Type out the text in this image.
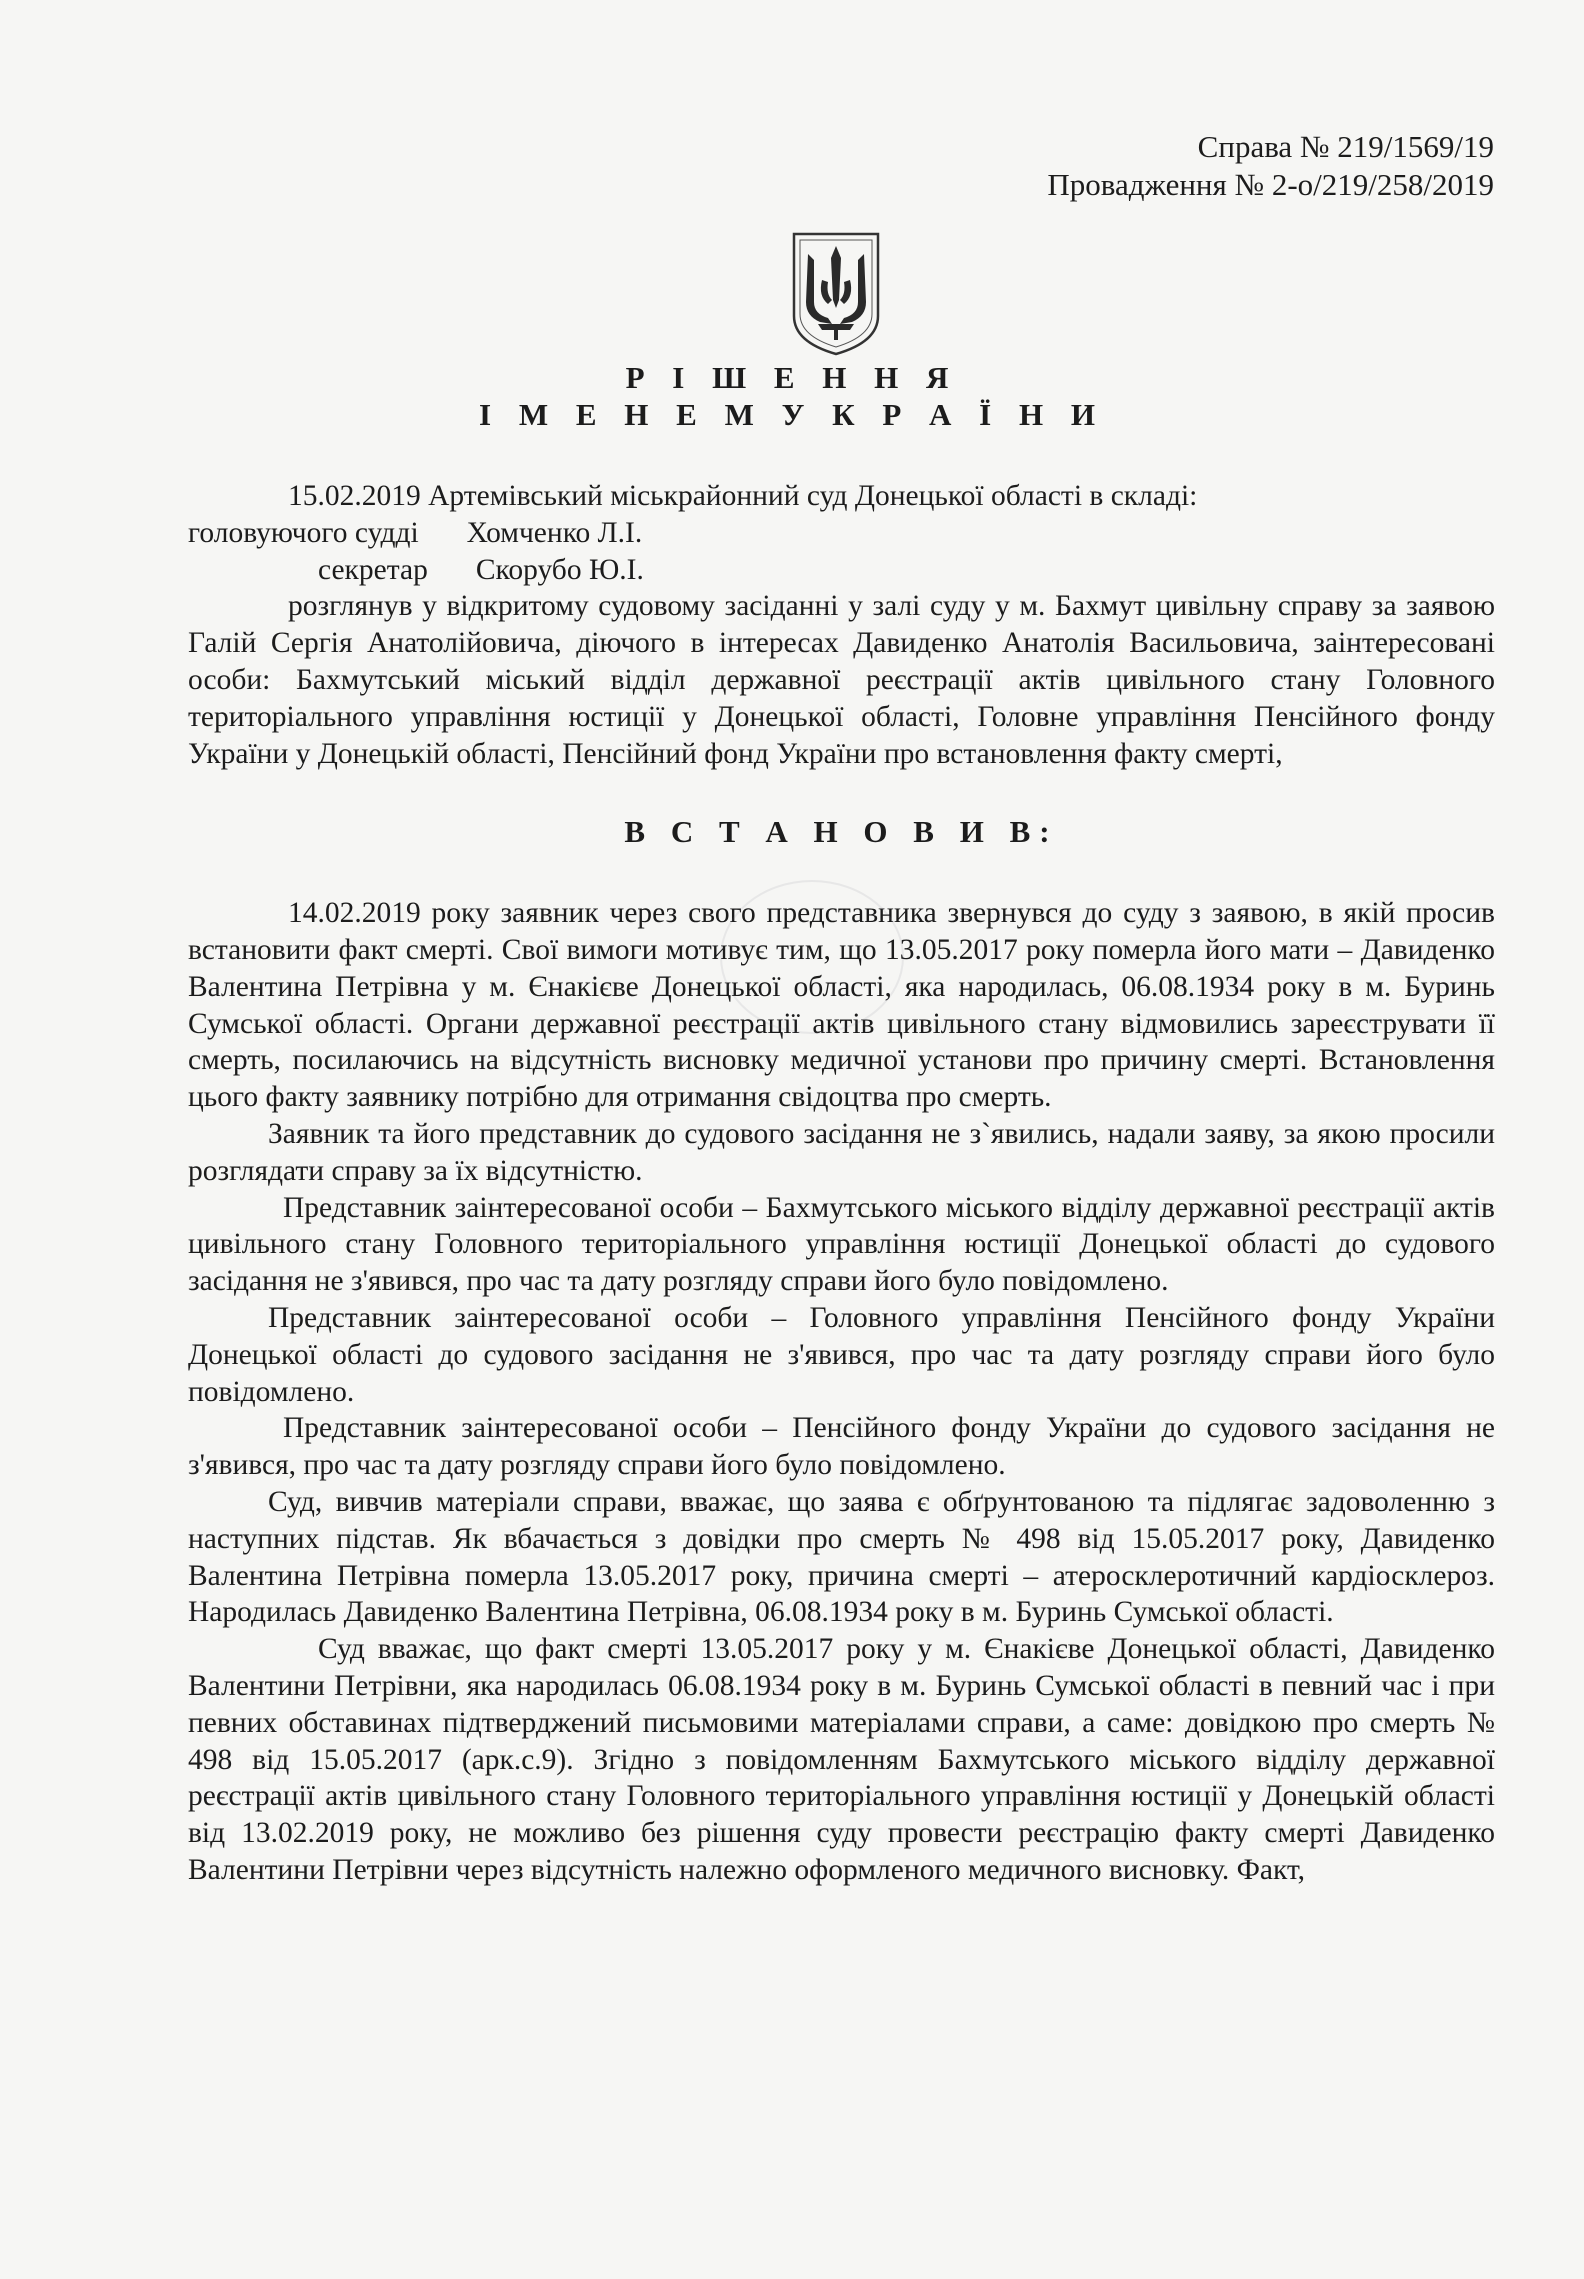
Справа № 219/1569/19
Провадження № 2-о/219/258/2019
Р І Ш Е Н Н Я
І М Е Н Е М У К Р А Ї Н И

15.02.2019 Артемівський міськрайонний суд Донецької області в складі:

головуючого судді Хомченко Л.І.

секретар Скорубо Ю.І.

розглянув у відкритому судовому засіданні у залі суду у м. Бахмут цивільну справу за заявою Галій Сергія Анатолійовича, діючого в інтересах Давиденко Анатолія Васильовича, заінтересовані особи: Бахмутський міський відділ державної реєстрації актів цивільного стану Головного територіального управління юстиції у Донецької області, Головне управління Пенсійного фонду України у Донецькій області, Пенсійний фонд України про встановлення факту смерті,

В С Т А Н О В И В:

14.02.2019 року заявник через свого представника звернувся до суду з заявою, в якій просив встановити факт смерті. Свої вимоги мотивує тим, що 13.05.2017 року померла його мати – Давиденко Валентина Петрівна у м. Єнакієве Донецької області, яка народилась, 06.08.1934 року в м. Буринь Сумської області. Органи державної реєстрації актів цивільного стану відмовились зареєструвати її смерть, посилаючись на відсутність висновку медичної установи про причину смерті. Встановлення цього факту заявнику потрібно для отримання свідоцтва про смерть.

Заявник та його представник до судового засідання не з`явились, надали заяву, за якою просили розглядати справу за їх відсутністю.

Представник заінтересованої особи – Бахмутського міського відділу державної реєстрації актів цивільного стану Головного територіального управління юстиції Донецької області до судового засідання не з'явився, про час та дату розгляду справи його було повідомлено.

Представник заінтересованої особи – Головного управління Пенсійного фонду України Донецької області до судового засідання не з'явився, про час та дату розгляду справи його було повідомлено.

Представник заінтересованої особи – Пенсійного фонду України до судового засідання не з'явився, про час та дату розгляду справи його було повідомлено.

Суд, вивчив матеріали справи, вважає, що заява є обґрунтованою та підлягає задоволенню з наступних підстав. Як вбачається з довідки про смерть № 498 від 15.05.2017 року, Давиденко Валентина Петрівна померла 13.05.2017 року, причина смерті – атеросклеротичний кардіосклероз. Народилась Давиденко Валентина Петрівна, 06.08.1934 року в м. Буринь Сумської області.

Суд вважає, що факт смерті 13.05.2017 року у м. Єнакієве Донецької області, Давиденко Валентини Петрівни, яка народилась 06.08.1934 року в м. Буринь Сумської області в певний час і при певних обставинах підтверджений письмовими матеріалами справи, а саме: довідкою про смерть № 498 від 15.05.2017 (арк.с.9). Згідно з повідомленням Бахмутського міського відділу державної реєстрації актів цивільного стану Головного територіального управління юстиції у Донецькій області від 13.02.2019 року, не можливо без рішення суду провести реєстрацію факту смерті Давиденко Валентини Петрівни через відсутність належно оформленого медичного висновку. Факт,
